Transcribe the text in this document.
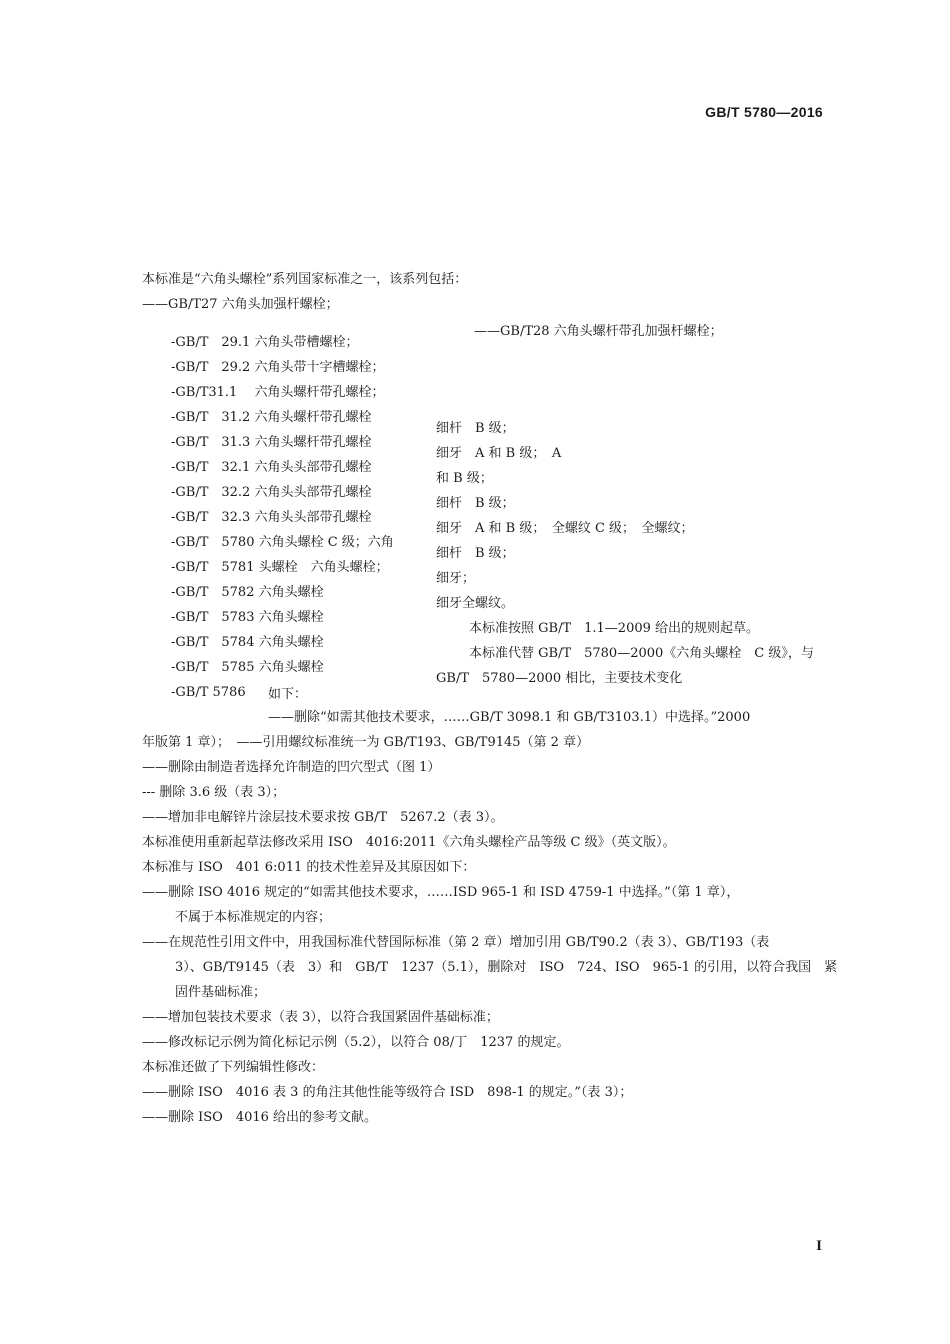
GB/T 5780—2016
本标准是“六角头螺栓”系列国家标准之一，该系列包括：
——GB/T27 六角头加强杆螺栓；
——GB/T28 六角头螺杆带孔加强杆螺栓；
-GB/T　29.1 六角头带槽螺栓；
-GB/T　29.2 六角头带十字槽螺栓；
-GB/T31.1　 六角头螺杆带孔螺栓；
-GB/T　31.2 六角头螺杆带孔螺栓
-GB/T　31.3 六角头螺杆带孔螺栓
-GB/T　32.1 六角头头部带孔螺栓
-GB/T　32.2 六角头头部带孔螺栓
-GB/T　32.3 六角头头部带孔螺栓
-GB/T　5780 六角头螺栓 C 级；六角
-GB/T　5781 头螺栓　六角头螺栓；
-GB/T　5782 六角头螺栓
-GB/T　5783 六角头螺栓
-GB/T　5784 六角头螺栓
-GB/T　5785 六角头螺栓
-GB/T 5786
细杆　B 级；
细牙　A 和 B 级；　A
和 B 级；
细杆　B 级；
细牙　A 和 B 级；　全螺纹 C 级；　全螺纹；
细杆　B 级；
细牙；
细牙全螺纹。
本标准按照 GB/T　1.1—2009 给出的规则起草。
本标准代替 GB/T　5780—2000《六角头螺栓　C 级》，与
GB/T　5780—2000 相比，主要技术变化
如下：
——删除“如需其他技术要求，……GB/T 3098.1 和 GB/T3103.1）中选择。”2000
年版第 1 章）；　——引用螺纹标准统一为 GB/T193、GB/T9145（第 2 章）
——删除由制造者选择允许制造的凹穴型式（图 1）
--- 删除 3.6 级（表 3）；
——增加非电解锌片涂层技术要求按 GB/T　5267.2（表 3）。
本标准使用重新起草法修改采用 ISO　4016:2011《六角头螺栓产品等级 C 级》（英文版）。
本标准与 ISO　401 6:011 的技术性差异及其原因如下：
——删除 ISO 4016 规定的“如需其他技术要求，……ISD 965-1 和 ISD 4759-1 中选择。”（第 1 章），
不属于本标准规定的内容；
——在规范性引用文件中，用我国标准代替国际标准（第 2 章）增加引用 GB/T90.2（表 3）、GB/T193（表
3）、GB/T9145（表　3）和　GB/T　1237（5.1），删除对　ISO　724、ISO　965-1 的引用，以符合我国　紧
固件基础标准；
——增加包装技术要求（表 3），以符合我国紧固件基础标准；
——修改标记示例为简化标记示例（5.2），以符合 08/丁　1237 的规定。
本标准还做了下列编辑性修改：
——删除 ISO　4016 表 3 的角注其他性能等级符合 ISD　898-1 的规定。”（表 3）；
——删除 ISO　4016 给出的参考文献。
I
